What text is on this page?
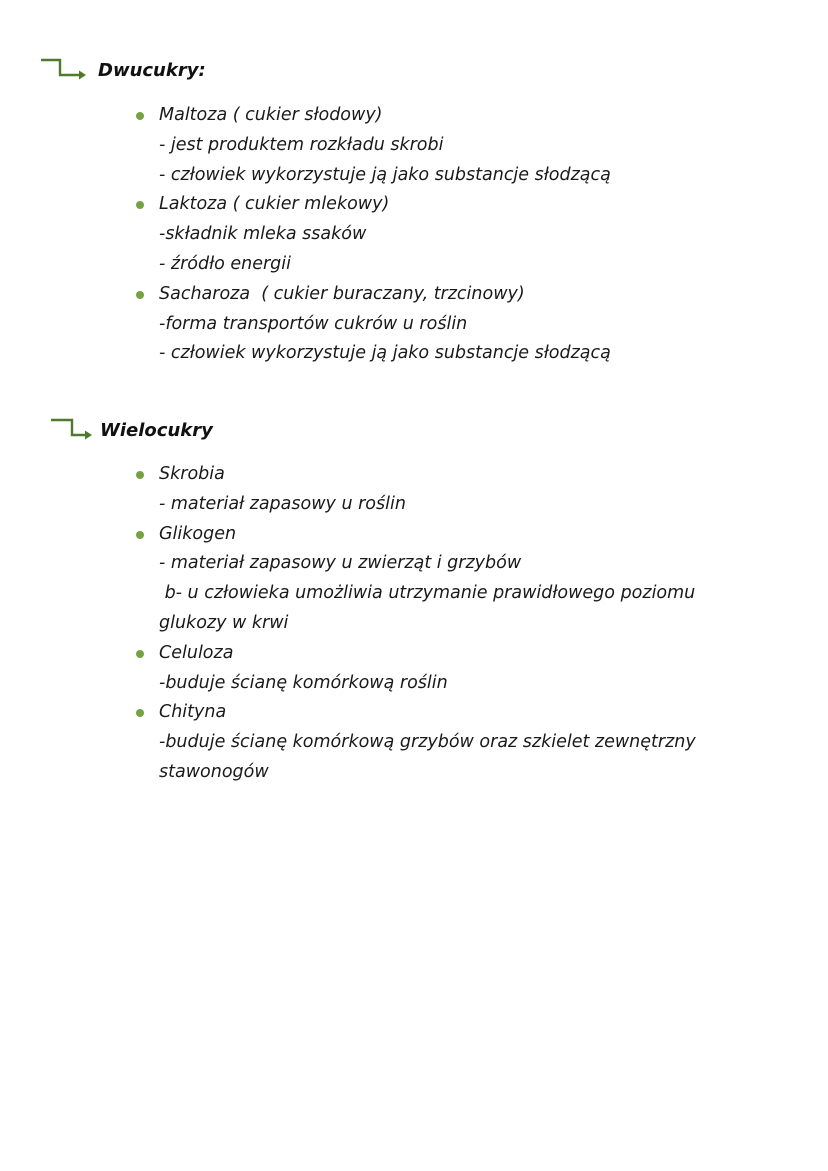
Dwucukry:
Maltoza ( cukier słodowy)
- jest produktem rozkładu skrobi
- człowiek wykorzystuje ją jako substancje słodzącą
Laktoza ( cukier mlekowy)
-składnik mleka ssaków
- źródło energii
Sacharoza  ( cukier buraczany, trzcinowy)
-forma transportów cukrów u roślin
- człowiek wykorzystuje ją jako substancje słodzącą
Wielocukry
Skrobia
- materiał zapasowy u roślin
Glikogen
- materiał zapasowy u zwierząt i grzybów
b- u człowieka umożliwia utrzymanie prawidłowego poziomu
glukozy w krwi
Celuloza
-buduje ścianę komórkową roślin
Chityna
-buduje ścianę komórkową grzybów oraz szkielet zewnętrzny
stawonogów
